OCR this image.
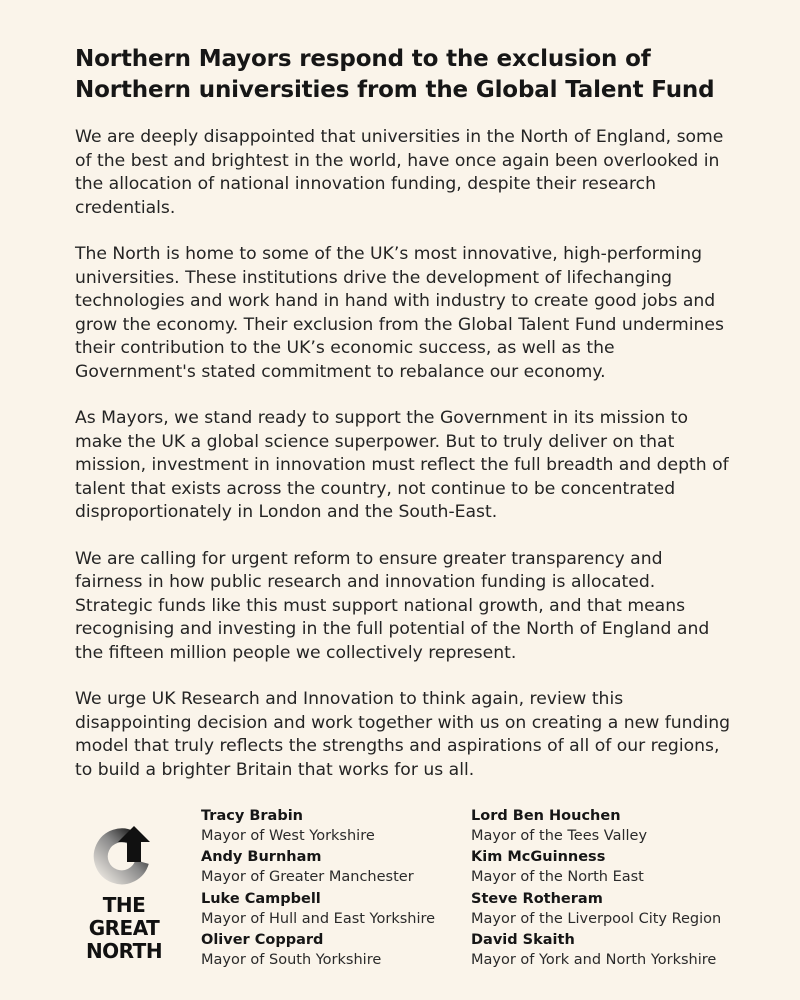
Northern Mayors respond to the exclusion of Northern universities from the Global Talent Fund

We are deeply disappointed that universities in the North of England, some of the best and brightest in the world, have once again been overlooked in the allocation of national innovation funding, despite their research credentials.

The North is home to some of the UK’s most innovative, high-performing universities. These institutions drive the development of lifechanging technologies and work hand in hand with industry to create good jobs and grow the economy. Their exclusion from the Global Talent Fund undermines their contribution to the UK’s economic success, as well as the Government's stated commitment to rebalance our economy.

As Mayors, we stand ready to support the Government in its mission to make the UK a global science superpower. But to truly deliver on that mission, investment in innovation must reflect the full breadth and depth of talent that exists across the country, not continue to be concentrated disproportionately in London and the South-East.

We are calling for urgent reform to ensure greater transparency and fairness in how public research and innovation funding is allocated. Strategic funds like this must support national growth, and that means recognising and investing in the full potential of the North of England and the fifteen million people we collectively represent.

We urge UK Research and Innovation to think again, review this disappointing decision and work together with us on creating a new funding model that truly reflects the strengths and aspirations of all of our regions, to build a brighter Britain that works for us all.

THE
GREAT
NORTH
Tracy Brabin
Mayor of West Yorkshire
Andy Burnham
Mayor of Greater Manchester
Luke Campbell
Mayor of Hull and East Yorkshire
Oliver Coppard
Mayor of South Yorkshire
Lord Ben Houchen
Mayor of the Tees Valley
Kim McGuinness
Mayor of the North East
Steve Rotheram
Mayor of the Liverpool City Region
David Skaith
Mayor of York and North Yorkshire
